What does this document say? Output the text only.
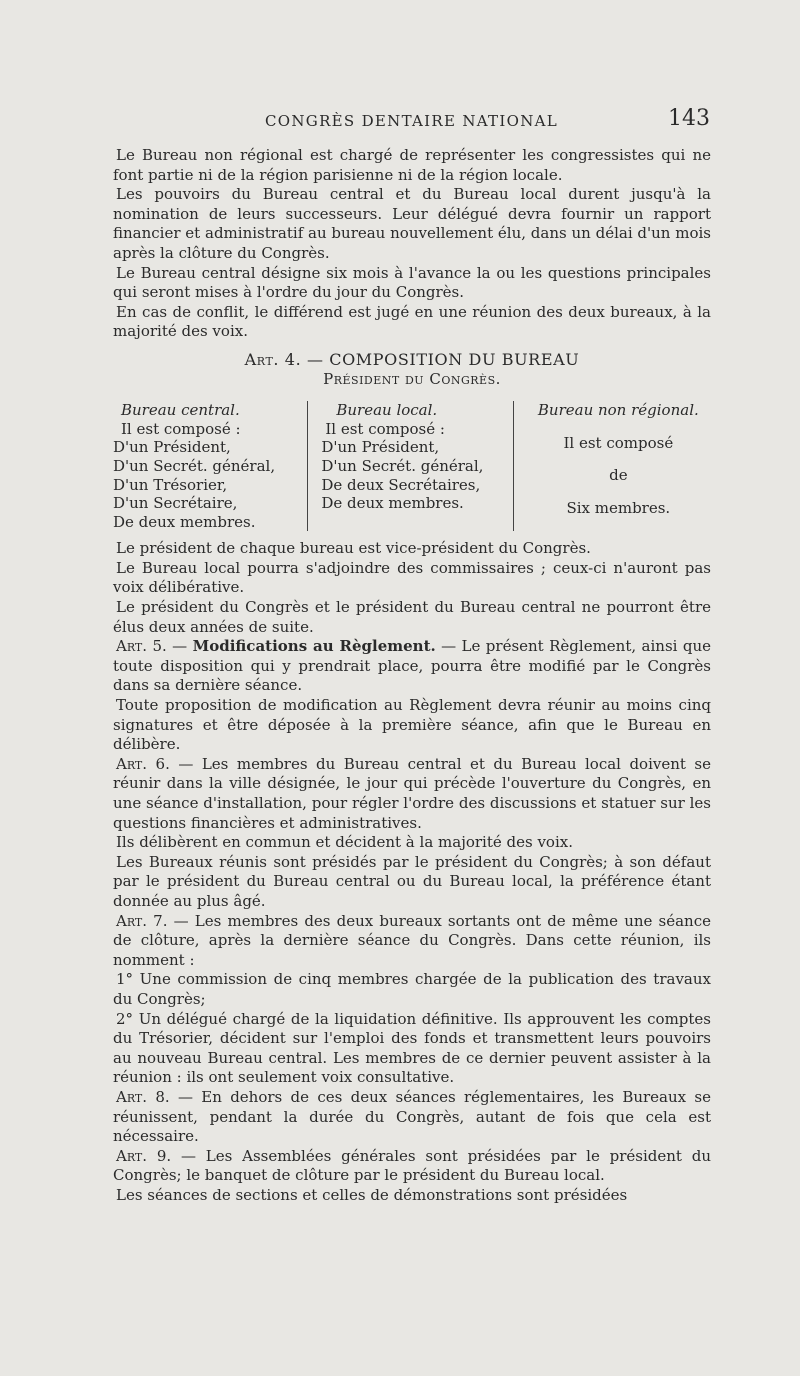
CONGRÈS DENTAIRE NATIONAL	143

Le Bureau non régional est chargé de représenter les congressistes qui ne font partie ni de la région parisienne ni de la région locale.

Les pouvoirs du Bureau central et du Bureau local durent jusqu'à la nomination de leurs successeurs. Leur délégué devra fournir un rapport financier et administratif au bureau nouvellement élu, dans un délai d'un mois après la clôture du Congrès.

Le Bureau central désigne six mois à l'avance la ou les questions principales qui seront mises à l'ordre du jour du Congrès.

En cas de conflit, le différend est jugé en une réunion des deux bureaux, à la majorité des voix.

Art. 4. — COMPOSITION DU BUREAU
Président du Congrès.
Bureau central.
Il est composé :
D'un Président,
D'un Secrét. général,
D'un Trésorier,
D'un Secrétaire,
De deux membres.
Bureau local.
Il est composé :
D'un Président,
D'un Secrét. général,
De deux Secrétaires,
De deux membres.
Bureau non régional.
Il est composé
de
Six membres.

Le président de chaque bureau est vice-président du Congrès.

Le Bureau local pourra s'adjoindre des commissaires ; ceux-ci n'auront pas voix délibérative.

Le président du Congrès et le président du Bureau central ne pourront être élus deux années de suite.

Art. 5. — Modifications au Règlement. — Le présent Règlement, ainsi que toute disposition qui y prendrait place, pourra être modifié par le Congrès dans sa dernière séance.

Toute proposition de modification au Règlement devra réunir au moins cinq signatures et être déposée à la première séance, afin que le Bureau en délibère.

Art. 6. — Les membres du Bureau central et du Bureau local doivent se réunir dans la ville désignée, le jour qui précède l'ouverture du Congrès, en une séance d'installation, pour régler l'ordre des discussions et statuer sur les questions financières et administratives.

Ils délibèrent en commun et décident à la majorité des voix.

Les Bureaux réunis sont présidés par le président du Congrès; à son défaut par le président du Bureau central ou du Bureau local, la préférence étant donnée au plus âgé.

Art. 7. — Les membres des deux bureaux sortants ont de même une séance de clôture, après la dernière séance du Congrès. Dans cette réunion, ils nomment :

1° Une commission de cinq membres chargée de la publication des travaux du Congrès;

2° Un délégué chargé de la liquidation définitive. Ils approuvent les comptes du Trésorier, décident sur l'emploi des fonds et transmettent leurs pouvoirs au nouveau Bureau central. Les membres de ce dernier peuvent assister à la réunion : ils ont seulement voix consultative.

Art. 8. — En dehors de ces deux séances réglementaires, les Bureaux se réunissent, pendant la durée du Congrès, autant de fois que cela est nécessaire.

Art. 9. — Les Assemblées générales sont présidées par le président du Congrès; le banquet de clôture par le président du Bureau local.

Les séances de sections et celles de démonstrations sont présidées
